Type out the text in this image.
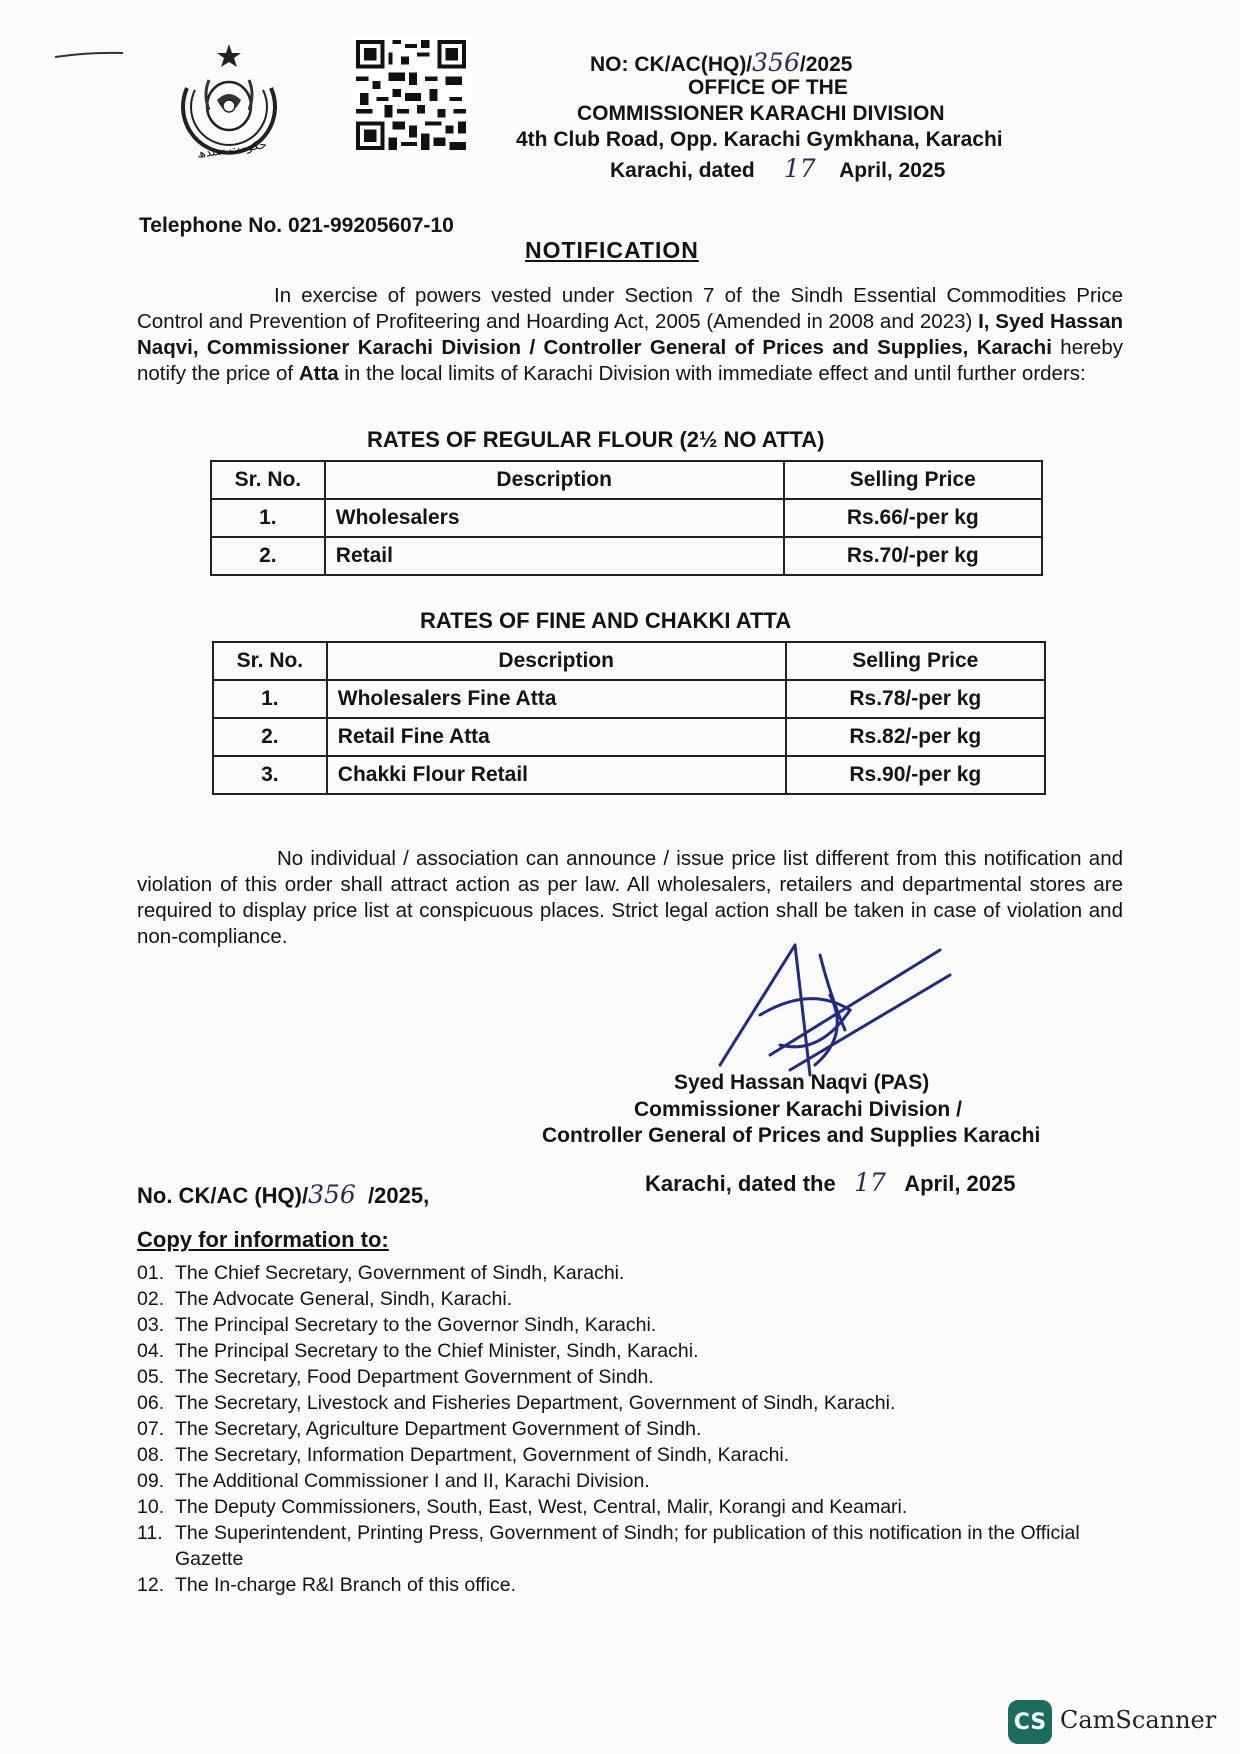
حکومت سندھ
NO: CK/AC(HQ)/356/2025
OFFICE OF THE
COMMISSIONER KARACHI DIVISION
4th Club Road, Opp. Karachi Gymkhana, Karachi
Karachi, dated 17 April, 2025
Telephone No. 021-99205607-10
NOTIFICATION
In exercise of powers vested under Section 7 of the Sindh Essential Commodities Price Control and Prevention of Profiteering and Hoarding Act, 2005 (Amended in 2008 and 2023) I, Syed Hassan Naqvi, Commissioner Karachi Division / Controller General of Prices and Supplies, Karachi hereby notify the price of Atta in the local limits of Karachi Division with immediate effect and until further orders:
RATES OF REGULAR FLOUR (2½ NO ATTA)
Sr. No.	Description	Selling Price
1.	Wholesalers	Rs.66/-per kg
2.	Retail	Rs.70/-per kg
RATES OF FINE AND CHAKKI ATTA
Sr. No.	Description	Selling Price
1.	Wholesalers Fine Atta	Rs.78/-per kg
2.	Retail Fine Atta	Rs.82/-per kg
3.	Chakki Flour Retail	Rs.90/-per kg
No individual / association can announce / issue price list different from this notification and violation of this order shall attract action as per law. All wholesalers, retailers and departmental stores are required to display price list at conspicuous places. Strict legal action shall be taken in case of violation and non-compliance.
Syed Hassan Naqvi (PAS)
Commissioner Karachi Division /
Controller General of Prices and Supplies Karachi
No. CK/AC (HQ)/356 /2025,	Karachi, dated the 17 April, 2025
Copy for information to:
01. The Chief Secretary, Government of Sindh, Karachi.
02. The Advocate General, Sindh, Karachi.
03. The Principal Secretary to the Governor Sindh, Karachi.
04. The Principal Secretary to the Chief Minister, Sindh, Karachi.
05. The Secretary, Food Department Government of Sindh.
06. The Secretary, Livestock and Fisheries Department, Government of Sindh, Karachi.
07. The Secretary, Agriculture Department Government of Sindh.
08. The Secretary, Information Department, Government of Sindh, Karachi.
09. The Additional Commissioner I and II, Karachi Division.
10. The Deputy Commissioners, South, East, West, Central, Malir, Korangi and Keamari.
11. The Superintendent, Printing Press, Government of Sindh; for publication of this notification in the Official Gazette
12. The In-charge R&I Branch of this office.
CS CamScanner
